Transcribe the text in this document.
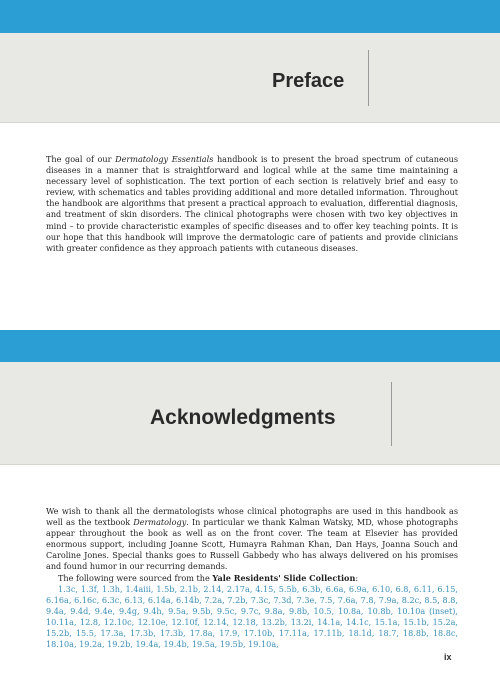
Preface

The goal of our Dermatology Essentials handbook is to present the broad spectrum of cutaneous diseases in a manner that is straightforward and logical while at the same time maintaining a necessary level of sophistication. The text portion of each section is relatively brief and easy to review, with schematics and tables providing additional and more detailed information. Throughout the handbook are algorithms that present a practical approach to evaluation, differential diagnosis, and treatment of skin disorders. The clinical photographs were chosen with two key objectives in mind – to provide characteristic examples of specific diseases and to offer key teaching points. It is our hope that this handbook will improve the dermatologic care of patients and provide clinicians with greater confidence as they approach patients with cutaneous diseases.

Acknowledgments

We wish to thank all the dermatologists whose clinical photographs are used in this handbook as well as the textbook Dermatology. In particular we thank Kalman Watsky, MD, whose photographs appear throughout the book as well as on the front cover. The team at Elsevier has provided enormous support, including Joanne Scott, Humayra Rahman Khan, Dan Hays, Joanna Souch and Caroline Jones. Special thanks goes to Russell Gabbedy who has always delivered on his promises and found humor in our recurring demands.

The following were sourced from the Yale Residents' Slide Collection:

1.3c, 1.3f, 1.3h, 1.4aiii, 1.5b, 2.1b, 2.14, 2.17a, 4.15, 5.5b, 6.3b, 6.6a, 6.9a, 6.10, 6.8, 6.11, 6.15, 6.16a, 6.16c, 6.3c, 6.13, 6.14a, 6.14b, 7.2a, 7.2b, 7.3c, 7.3d, 7.3e, 7.5, 7.6a, 7.8, 7.9a, 8.2c, 8.5, 8.8, 9.4a, 9.4d, 9.4e, 9.4g, 9.4h, 9.5a, 9.5b, 9.5c, 9.7c, 9.8a, 9.8b, 10.5, 10.8a, 10.8b, 10.10a (inset), 10.11a, 12.8, 12.10c, 12.10e, 12.10f, 12.14, 12.18, 13.2b, 13.2i, 14.1a, 14.1c, 15.1a, 15.1b, 15.2a, 15.2b, 15.5, 17.3a, 17.3b, 17.3b, 17.8a, 17.9, 17.10b, 17.11a, 17.11b, 18.1d, 18.7, 18.8b, 18.8c, 18.10a, 19.2a, 19.2b, 19.4a, 19.4b, 19.5a, 19.5b, 19.10a,

ix
